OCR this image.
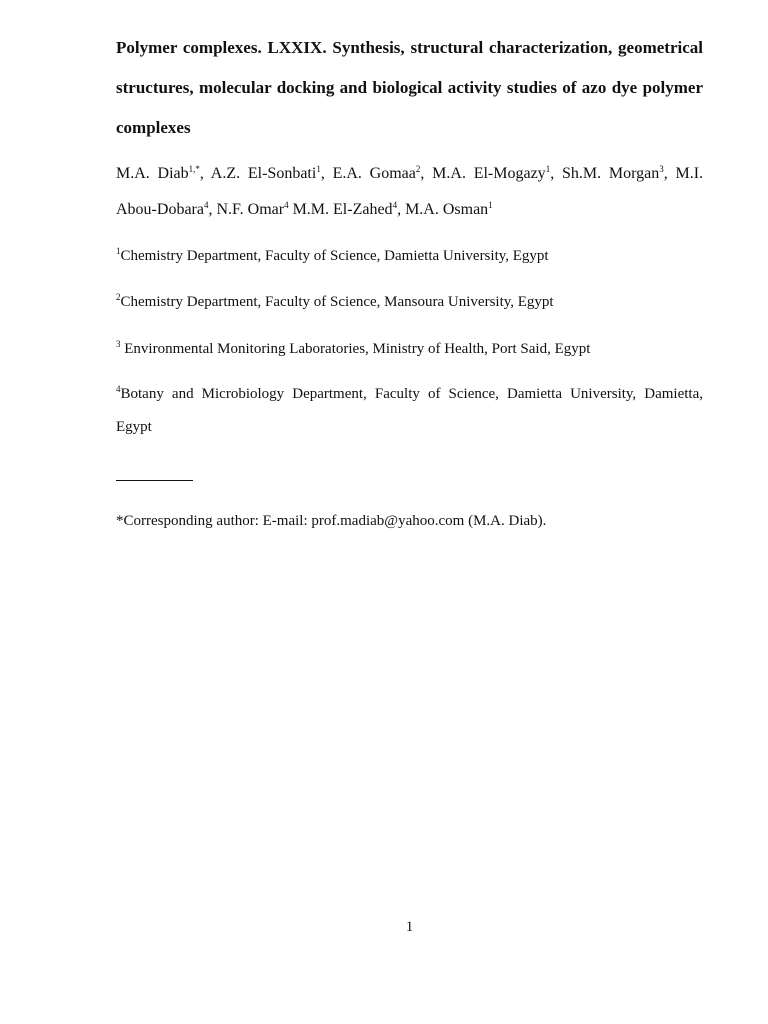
Polymer complexes. LXXIX. Synthesis, structural characterization, geometrical structures, molecular docking and biological activity studies of azo dye polymer complexes

M.A. Diab$^{1,*}$, A.Z. El-Sonbati$^1$, E.A. Gomaa$^2$, M.A. El-Mogazy$^1$, Sh.M. Morgan$^3$, M.I. Abou-Dobara$^4$, N.F. Omar$^4$ M.M. El-Zahed$^4$, M.A. Osman$^1$

$^1$Chemistry Department, Faculty of Science, Damietta University, Egypt

$^2$Chemistry Department, Faculty of Science, Mansoura University, Egypt

$^3$ Environmental Monitoring Laboratories, Ministry of Health, Port Said, Egypt

$^4$Botany and Microbiology Department, Faculty of Science, Damietta University, Damietta, Egypt

*Corresponding author: E-mail: prof.madiab@yahoo.com (M.A. Diab).

1
